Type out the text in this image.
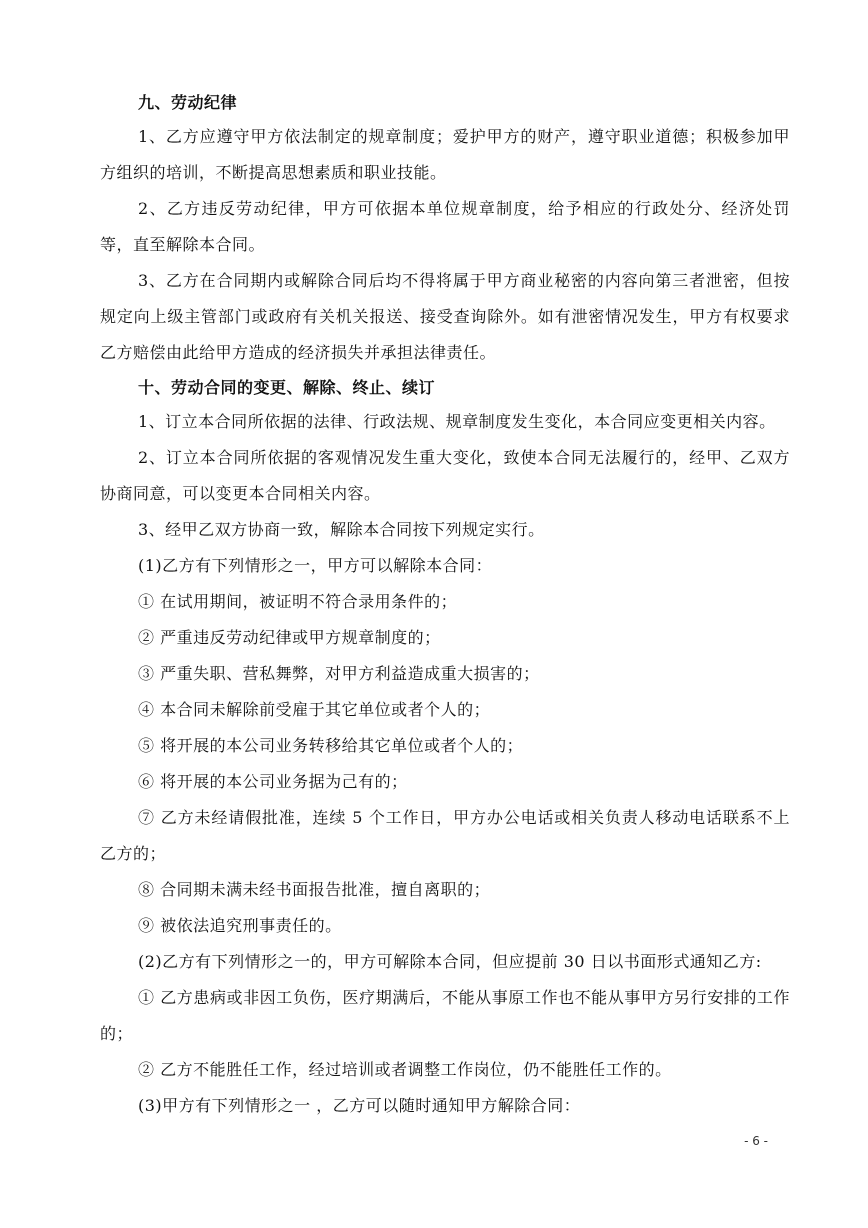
九、劳动纪律

1、乙方应遵守甲方依法制定的规章制度；爱护甲方的财产，遵守职业道德；积极参加甲方组织的培训，不断提高思想素质和职业技能。

2、乙方违反劳动纪律，甲方可依据本单位规章制度，给予相应的行政处分、经济处罚等，直至解除本合同。

3、乙方在合同期内或解除合同后均不得将属于甲方商业秘密的内容向第三者泄密，但按规定向上级主管部门或政府有关机关报送、接受查询除外。如有泄密情况发生，甲方有权要求乙方赔偿由此给甲方造成的经济损失并承担法律责任。

十、劳动合同的变更、解除、终止、续订

1、订立本合同所依据的法律、行政法规、规章制度发生变化，本合同应变更相关内容。

2、订立本合同所依据的客观情况发生重大变化，致使本合同无法履行的，经甲、乙双方协商同意，可以变更本合同相关内容。

3、经甲乙双方协商一致，解除本合同按下列规定实行。

(1)乙方有下列情形之一，甲方可以解除本合同：

① 在试用期间，被证明不符合录用条件的；

② 严重违反劳动纪律或甲方规章制度的；

③ 严重失职、营私舞弊，对甲方利益造成重大损害的；

④ 本合同未解除前受雇于其它单位或者个人的；

⑤ 将开展的本公司业务转移给其它单位或者个人的；

⑥ 将开展的本公司业务据为己有的；

⑦ 乙方未经请假批准，连续 5 个工作日，甲方办公电话或相关负责人移动电话联系不上乙方的；

⑧ 合同期未满未经书面报告批准，擅自离职的；

⑨ 被依法追究刑事责任的。

(2)乙方有下列情形之一的，甲方可解除本合同，但应提前 30 日以书面形式通知乙方:

① 乙方患病或非因工负伤，医疗期满后，不能从事原工作也不能从事甲方另行安排的工作的；

② 乙方不能胜任工作，经过培训或者调整工作岗位，仍不能胜任工作的。

(3)甲方有下列情形之一 ，乙方可以随时通知甲方解除合同：

- 6 -
